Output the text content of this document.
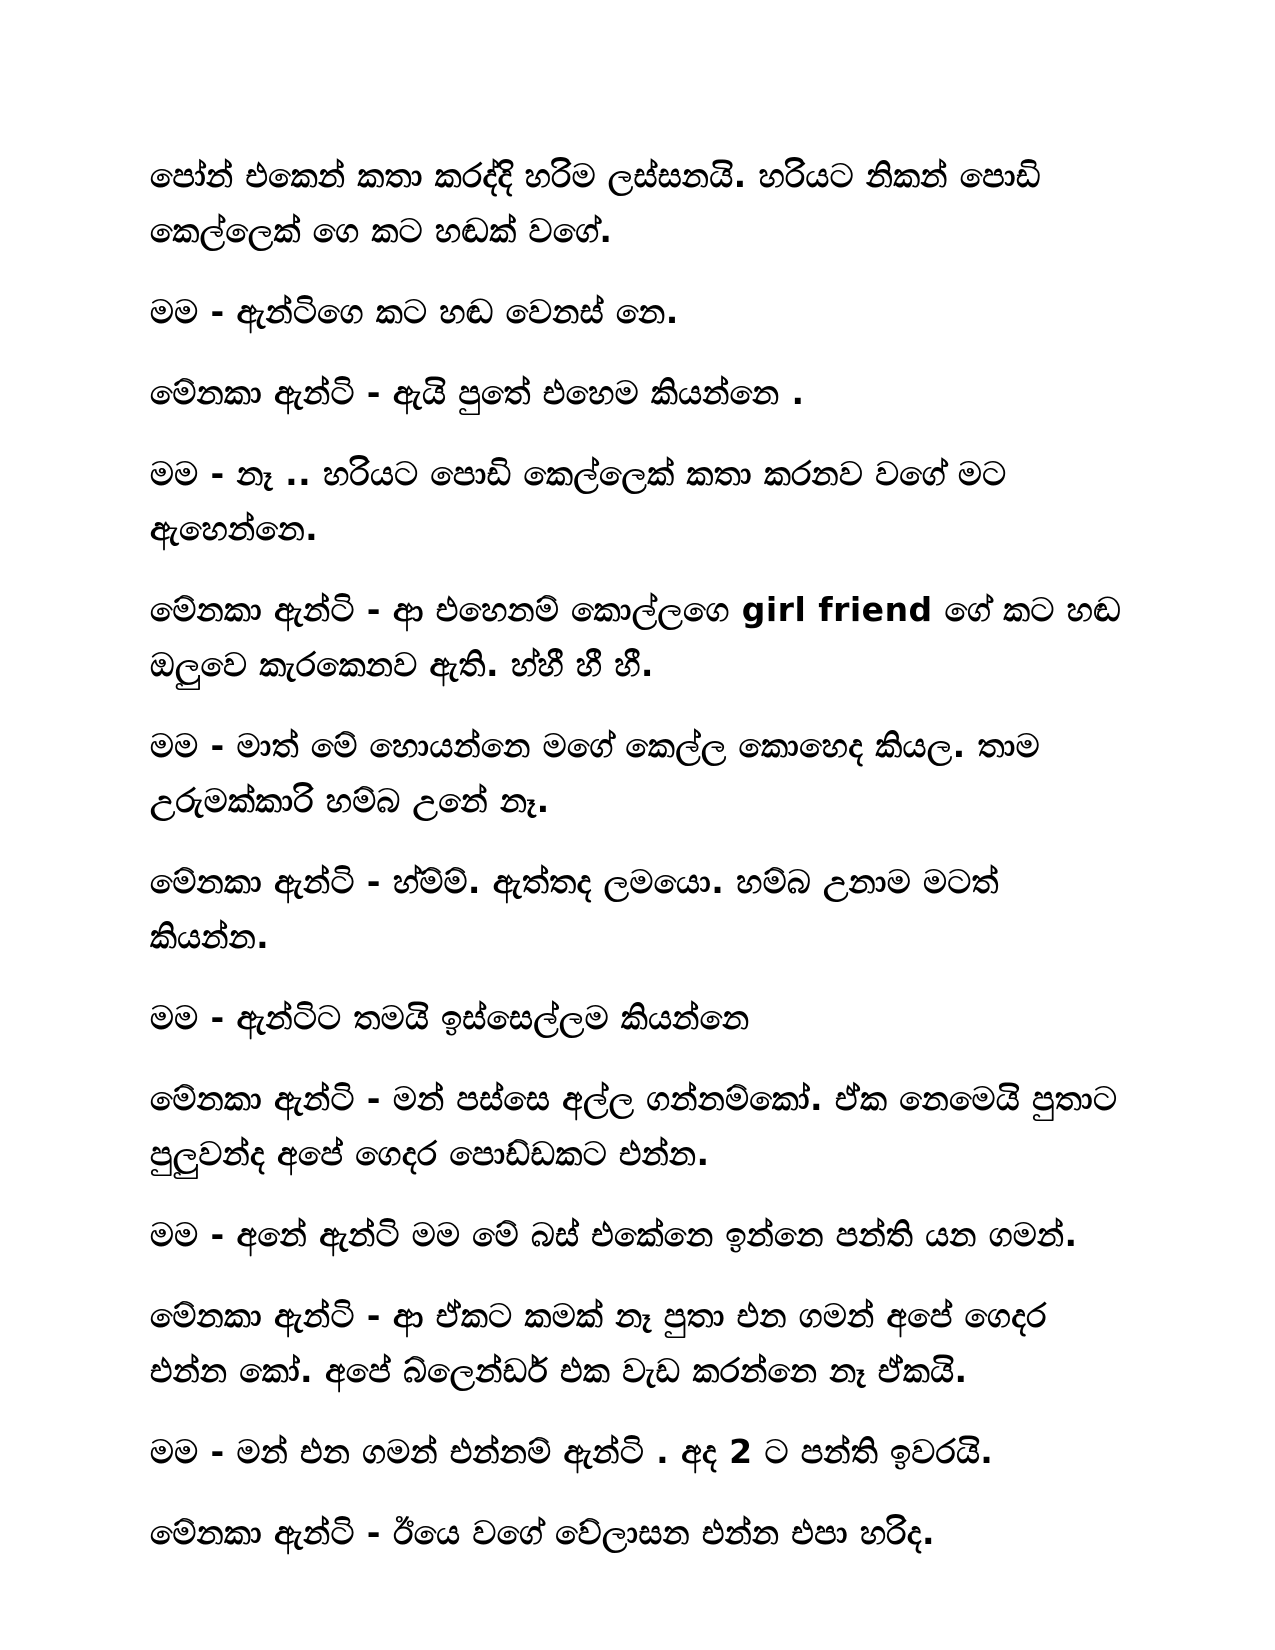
පෝන් එකෙන් කතා කරද්දි හරිම ලස්සනයි. හරියට නිකන් පොඩි කෙල්ලෙක් ගෙ කට හඬක් වගේ.

මම - ඇන්ටිගෙ කට හඬ වෙනස් නෙ.

මේනකා ඇන්ටි - ඇයි පුතේ එහෙම කියන්නෙ .

මම - නෑ .. හරියට පොඩි කෙල්ලෙක් කතා කරනව වගේ මට ඇහෙන්නෙ.

මේනකා ඇන්ටි - ආ එහෙනම් කොල්ලගෙ girl friend ගේ කට හඬ ඔලුවෙ කැරකෙනව ඇති. හ්හී හී හී.

මම - මාත් මේ හොයන්නෙ මගේ කෙල්ල කොහෙද කියල. තාම උරුමක්කාරි හම්බ උනේ නෑ.

මේනකා ඇන්ටි - හ්ම්ම්. ඇත්තද ලමයො. හම්බ උනාම මටත් කියන්න.

මම - ඇන්ටිට තමයි ඉස්සෙල්ලම කියන්නෙ

මේනකා ඇන්ටි - මන් පස්සෙ අල්ල ගන්නම්කෝ. ඒක නෙමෙයි පුතාට පුලුවන්ද අපේ ගෙදර පොඩ්ඩකට එන්න.

මම - අනේ ඇන්ටි මම මේ බස් එකේනෙ ඉන්නෙ පන්ති යන ගමන්.

මේනකා ඇන්ටි - ආ ඒකට කමක් නෑ පුතා එන ගමන් අපේ ගෙදර එන්න කෝ. අපේ බ්ලෙන්ඩර් එක වැඩ කරන්නෙ නෑ ඒකයි.

මම - මන් එන ගමන් එන්නම් ඇන්ටි . අද 2 ට පන්ති ඉවරයි.

මේනකා ඇන්ටි - ඊයෙ වගේ වේලාසන එන්න එපා හරිද.
